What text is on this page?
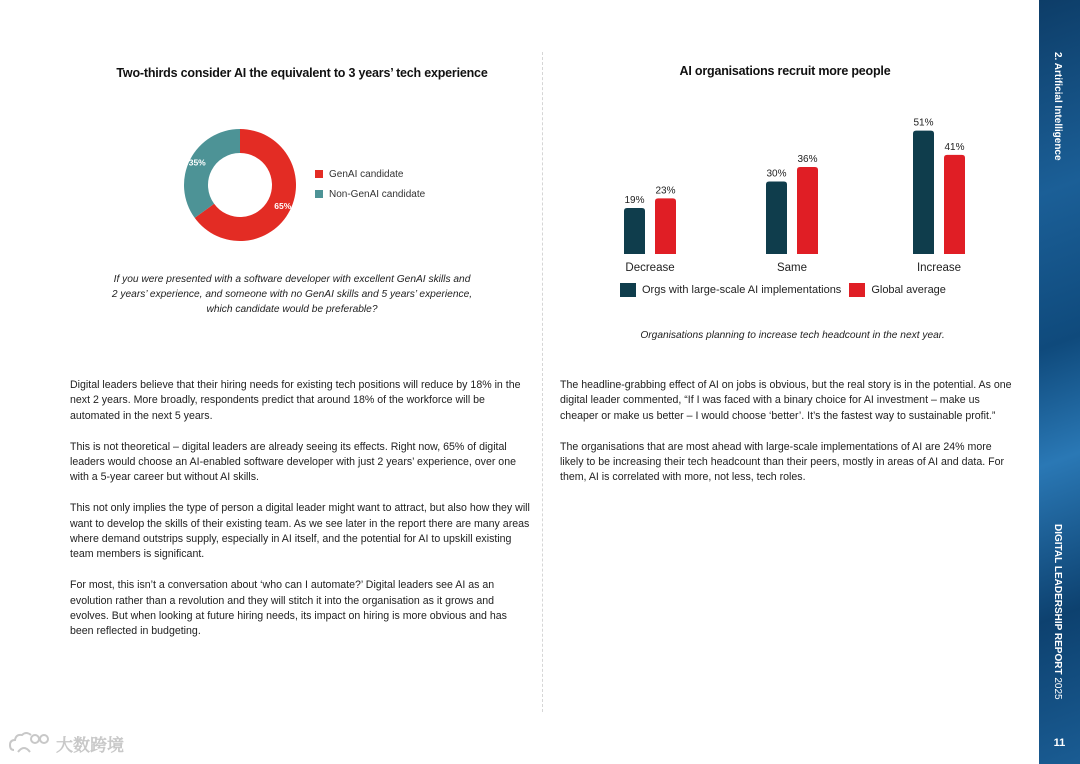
Two-thirds consider AI the equivalent to 3 years’ tech experience
65%
35%
GenAI candidate
Non-GenAI candidate
If you were presented with a software developer with excellent GenAI skills and
2 years’ experience, and someone with no GenAI skills and 5 years’ experience,
which candidate would be preferable?
AI organisations recruit more people
19%
23%
Decrease
30%
36%
Same
51%
41%
Increase
Orgs with large-scale AI implementations	Global average
Organisations planning to increase tech headcount in the next year.

Digital leaders believe that their hiring needs for existing tech positions will reduce by 18% in the next 2 years. More broadly, respondents predict that around 18% of the workforce will be automated in the next 5 years.

This is not theoretical – digital leaders are already seeing its effects. Right now, 65% of digital leaders would choose an AI-enabled software developer with just 2 years’ experience, over one with a 5-year career but without AI skills.

This not only implies the type of person a digital leader might want to attract, but also how they will want to develop the skills of their existing team. As we see later in the report there are many areas where demand outstrips supply, especially in AI itself, and the potential for AI to upskill existing team members is significant.

For most, this isn’t a conversation about ‘who can I automate?’ Digital leaders see AI as an evolution rather than a revolution and they will stitch it into the organisation as it grows and evolves. But when looking at future hiring needs, its impact on hiring is more obvious and has been reflected in budgeting.

The headline-grabbing effect of AI on jobs is obvious, but the real story is in the potential. As one digital leader commented, “If I was faced with a binary choice for AI investment – make us cheaper or make us better – I would choose ‘better’. It’s the fastest way to sustainable profit.”

The organisations that are most ahead with large-scale implementations of AI are 24% more likely to be increasing their tech headcount than their peers, mostly in areas of AI and data. For them, AI is correlated with more, not less, tech roles.

2. Artificial Intelligence
DIGITAL LEADERSHIP REPORT 2025
11
大数跨境
